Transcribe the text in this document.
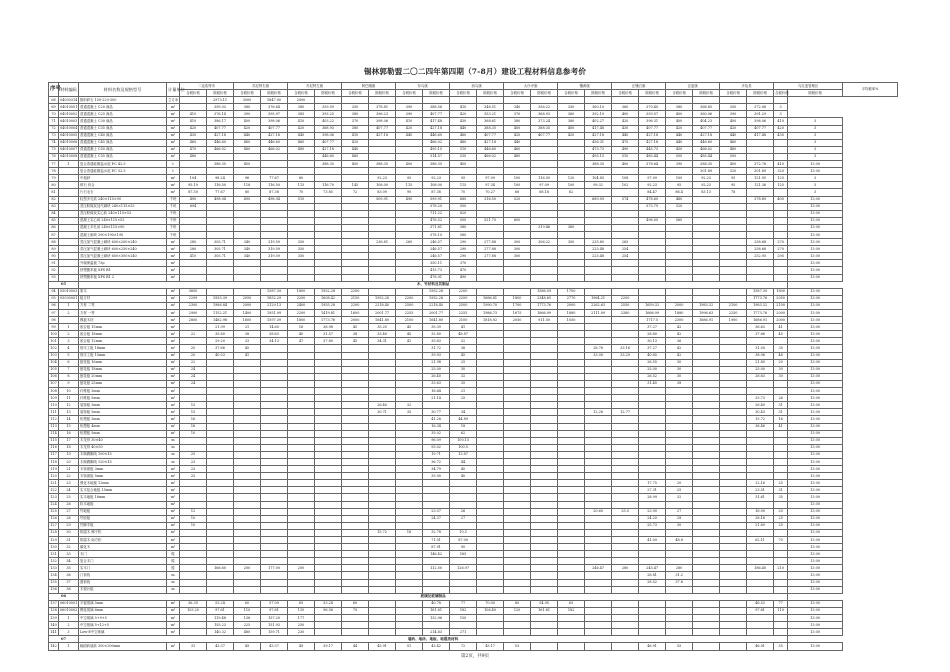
锡林郭勒盟二〇二四年第四期（7-8月）建设工程材料信息参考价
序号	材料编码	材料名称及规格型号	计量单位	二连浩特市		苏尼特右旗		苏尼特左旗		阿巴嘎旗		东乌旗		西乌旗		太仆寺旗		镶黄旗		正镶白旗		正蓝旗		多伦县		乌拉盖管理区		平均税率%
				含税价格	除税价格	含税价格	除税价格	含税价格	除税价格	含税价格	除税价格	含税价格	除税价格	含税价格	除税价格	含税价格	除税价格	含税价格	除税价格	含税价格	除税价格	含税价格	除税价格	含税价格	除税价格	含税价格	除税价格	
68	04030314	抛料碎石 150-220-300	立方米		2973.11	3000	1847.00	2000																				
69	04010001	普通混凝土 C20 商品	m³		395.03	380	376.64	380	359.59	350	378.81	390	388.56	410	348.51	340	356.22	330	360.10	360	370.40	380	366.85	350	372.06	3		
70	04010002	普通混凝土 C25 商品	m³	410	376.14	390	395.97	385	393.25	380	396.23	390	407.77	420	353.21	370	368.93	360	392.19	400	393.57	400	360.06	390	391.29	3		
71	04010003	普通混凝土 C30 商品	m³	410	386.17	400	398.06	410	403.22	370	398.06	410	417.48	430	368.61	380	373.24	380	402.27	420	396.31	400	404.23	400	398.06	410	3	
72	04010004	普通混凝土 C35 商品	m³	420	407.77	420	407.77	420	368.93	380	407.77	420	427.18	440	388.35	400	388.35	400	417.48	430	407.77	420	407.77	420	407.77	420	3	
73	04010005	普通混凝土 C40 商品	m³	430	427.18	440	427.18	440	398.06	410	427.18	440	446.60	460	407.77	420	407.77	420	427.18	440	427.18	440	427.18	440	417.48	430	3	
74	04010006	普通混凝土 C45 商品	m³	460	446.60	460	446.60	460	407.77	420			466.02	480	427.18	440			456.31	470	427.18	440	446.60	460			3	
75	04010007	普通混凝土 C50 商品	m³	470	466.02	480	466.02	480	427.18	440			495.15	510	446.60	460			475.73	490	445.73	450	466.02	480			3	
76	04010008	普通混凝土 C55 商品	m³	480					446.60	460			514.57	530	466.02	480			495.15	510	485.44	500	485.44	500			3	
77	1	复合普通硅酸盐水泥 P.C 42.5	t		388.35	400			388.35	400	388.35	400	388.35	400					388.35	400	378.64	390	388.35	400	372.76	410	13.00	
78		复合普通硅酸盐水泥 P.C 52.5	t																				301.89	320	301.89	320	13.00	
79		中粗砂	m³	104	98.24	96	77.67	80			92.23	95	92.23	95	97.09	100	116.50	120	104.85	108	97.09	100	92.23	95	121.95	125	3	
80		碎石 综合	m³	95.19	116.50	118	116.50	115	116.70	145	108.00	115	108.00	115	97.34	100	97.09	100	99.32	102	92.23	95	92.23	95	121.36	125	3	
81		片石毛石	m³	87.50	77.67	80	87.38	70	73.85	72	83.09	90	87.38	70	70.27	68	68.18	62			84.47	86.4	83.13	78			3	
82		轻型多孔砖 240×115×90	千块	490	498.94	490	498.94	510			509.91	490	599.91	680	316.50	520			689.09	574	478.60	480			378.89	400	13.00	
83		蒸压粉煤灰加气砌块 240×115×53	千块	894									578.20	500							573.79	520					13.00	
84		蒸压粉煤灰实心砖 240×115×53	千块										711.22	820													13.00	
85		混凝土实心砖 240×115×53	千块										476.52	500	531.70	600					496.00	560					13.00	
86		混凝土多孔砖 240×115×90	千块										371.81	380			319.46	360									13.00	
87		混凝土砌块 390×190×190	千块										578.10	580													13.00	
88		蒸压加气混凝土砌块 600×200×240	m³	280	305.71	340	319.59	350			236.81	260	246.57	290	277.88	300	306.22	300	235.80	265					258.68	270	13.00	
89		蒸压加气混凝土砌块 600×250×240	m³	280	305.71	340	319.59	350					246.57	290	277.88	300			225.48	254					258.68	270	13.00	
90		蒸压加气混凝土砌块 600×300×240	m³	410	305.71	340	319.59	350					246.57	290	277.88	300			225.48	254					252.95	295	13.00	
91		外墙保温板 73μ	m²										350.11	370													13.00	
92		挤塑聚苯板 XPS B1	m³										415.73	470													13.00	
93		挤塑聚苯板 XPS B1 2	m³										478.91	490													13.00	
05		木、竹材料及其制品																										
94	05010003	原木	m³	3600			1587.39	1800	1952.28	2200			1952.28	2200			1586.59	1700							1587.39	1800	13.00	
95	05030001	板方材	m³	2299	1955.39	2050	1852.29	2200	1608.42	2150	1952.28	2200	1952.28	2200	1686.81	1800	2348.65	2770	1964.21	2200					1773.76	2050	13.00	
96	1	方材 二等	m³	2300	1986.84	2000	2129.13	2400	1955.28	2200	2218.40	2500	2218.40	2500	1990.70	1700	1773.76	2000	2262.63	2550	1659.32	2000	1983.32	2100	1983.32	2100	13.00	
97	2	方材 一等	m³	2900	1152.21	1400	1951.99	2200	1419.81	1600	2001.77	2255	2001.77	2255	1986.73	1675	1666.99	1880	2111.09	2380	1666.99	1880	1996.63	2250	1773.76	2000	13.00	
98		模板木枋	m³	2800	1482.98	1600	1597.39	1800	1773.76	2000	1641.80	2100	1641.80	2100	1818.92	2050	911.50	1050			1717.5	2300	1686.91	1900	1686.91	2000	13.00	
99	1	胶合板 15mm	m²		21.99	21	14.60	16	36.98	45	35.25	45	35.39	41							37.27	42			36.63	41	13.00	
100	2	胶合板 18mm	m²	22	35.60	38	38.63	40	31.57	38	33.40	40	32.80	48.87							28.80	42			37.66	45	13.00	
101	3	胶合板 12mm	m²		29.20	33	34.13	47	37.80	45	34.31	41	35.83	52							30.13	36					13.00	
102	4	细木工板 18mm	m²	20	37.66	45							31.72	36					28.76	33.16	37.27	42			31.00	35	13.00	
103	5	细木工板 15mm	m²	20	40.53	41							39.93	45					33.00	33.20	40.85	42			38.96	48	13.00	
104	6	刨花板 16mm	m²	22									21.98	25							26.55	30			21.85	20	13.00	
105	7	刨花板 18mm	m²	24									25.00	30							25.00	30			25.00	30	13.00	
106	8	刨花板 20mm	m²	24									26.40	32							26.52	30			26.63	30	13.00	
107	9	刨花板 25mm	m²	24									33.63	35							31.45	38					13.00	
108	10	纤维板 3mm	m²										16.64	21													13.00	
109	11	纤维板 5mm	m²										21.14	25											25.73	26	13.00	
110	12	装饰板 3mm	m²	15							26.40	32													26.40	31	13.00	
111	13	装饰板 5mm	m²	15							30.71	35	30.77	34					12.28	12.77					30.43	31	13.00	
112	14	铝塑板 3mm	m²	16									41.28	44.89											15.72	16	13.00	
113	15	铝塑板 4mm	m²	16									16.34	18											38.46	41	13.00	
114	16	铝塑板 5mm	m²	10									35.02	62													13.00	
115	17	木龙骨 30×40	m										96.09	100.15													13.00	
116	18	木龙骨 40×50	m										93.02	100.5													13.00	
117	19	木制踢脚线 100×15	m	25									19.71	13.87													13.00	
118	20	木制踢脚线 120×15	m	23									36.72	44													13.00	
119	21	木饰面板 3mm	m²	23									34.79	40													13.00	
120	22	木饰面板 5mm	m²	25									35.90	40													13.00	
121	23	强化木地板 12mm	m²																		17.75	20			22.16	25	13.00	
122	24	实木复合地板 15mm	m²																		27.31	25			23.51	31	13.00	
123	25	实木地板 18mm	m²																		28.99	32			31.61	35	13.00	
124	26	软木地板	m²																								13.00	
125	27	竹地板	m²	12									23.07	26					20.60	25.5	23.90	27			16.90	20	13.00	
126	28	竹胶板	m²	10									24.37	27							24.20	28			28.16	25	13.00	
127	29	竹脚手板	m²	10																	25.73	30			21.69	25	13.00	
128	30	防腐木 樟子松	m³								15.72	18	32.78	10.3													13.00	
129	31	防腐木 南方松	m³										71.01	87.00							41.09	48.8			62.11	70	13.00	
130	32	碳化木	m³										87.91	90													13.00	
131	33	木门	樘										146.42	165													13.00	
132	34	复合木门	樘																								13.00	
133	35	实木门	樘		166.60	200	177.00	200					112.50	126.97					246.47	280	245.47	280			186.40	210	13.00	
134	36	门套线	m																		26.81	31.2					13.00	
135	37	窗套线	m																		28.52	37.6					13.00	
136	38	木窗台板	m																								13.00	
06		玻璃及玻璃制品																										
137	06010001	平板玻璃 5mm	m²	36.35	53.24	60	57.09	65	53.24	60			40.78	77	70.00	80	54.95	65							46.53	77	13.00	
138	06010002	钢化玻璃 6mm	m²	103.20	97.61	110	97.61	110	96.56	75			161.61	182	106.40	120	161.61	182							97.61	110	13.00	
139	1	中空玻璃 5+9+5	m²		119.48	136	157.20	177					132.96	150													13.00	
140	2	中空玻璃 5+12+5	m²		155.23	225	151.93	250																			13.00	
141	3	Low-E中空玻璃	m²		140.32	480	159.71	230					214.83	271													13.00	
07		墙砖、地砖、地板、地毯类材料																										
142	1	釉面砖墙砖 300×300mm	m²	31	43.37	49	43.37	49	39.17	44	45.91	51	43.42	72	45.17	53					46.91	55			46.91	55	13.00	
第2页，共9页
